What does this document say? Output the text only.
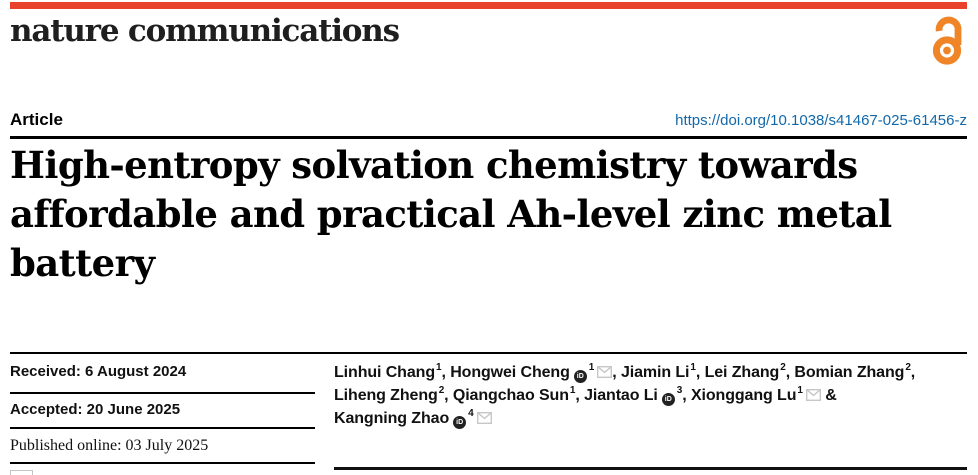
nature communications
Article	https://doi.org/10.1038/s41467-025-61456-z
High-entropy solvation chemistry towards
affordable and practical Ah-level zinc metal
battery
Received: 6 August 2024
Accepted: 20 June 2025
Published online: 03 July 2025
Linhui Chang$^1$, Hongwei Cheng iD$^1$ , Jiamin Li$^1$, Lei Zhang$^2$, Bomian Zhang$^2$,
Liheng Zheng$^2$, Qiangchao Sun$^1$, Jiantao Li iD$^3$, Xionggang Lu$^1$ &
Kangning Zhao iD$^4$
